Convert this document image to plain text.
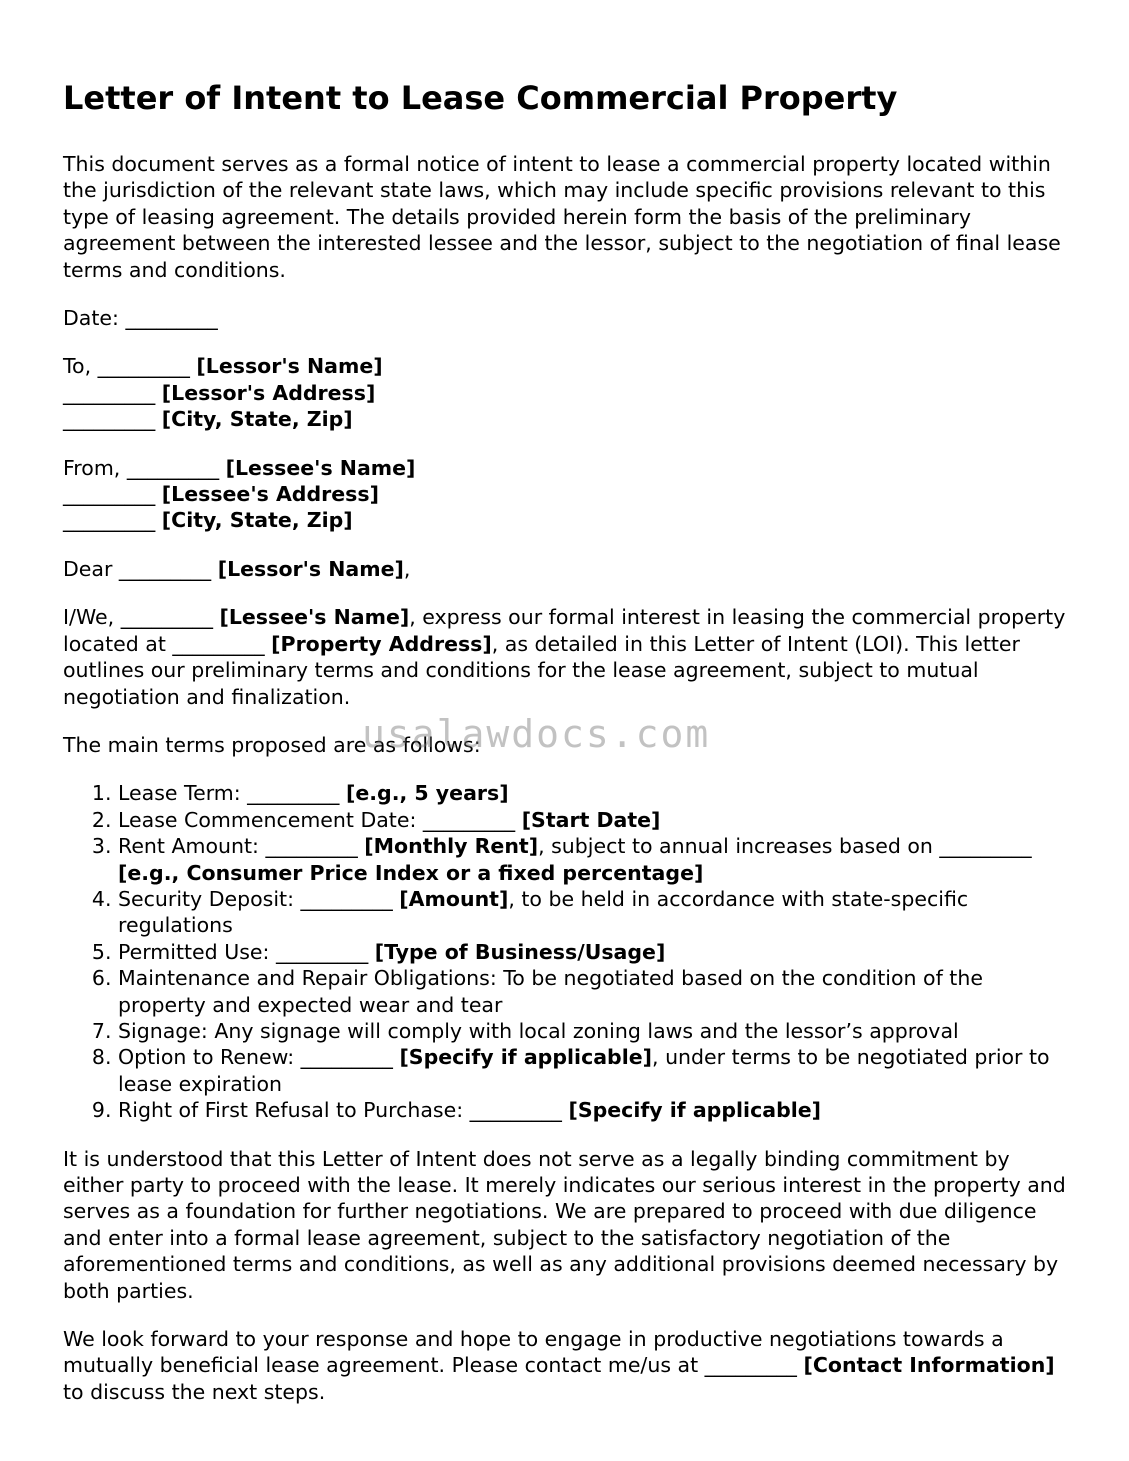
Letter of Intent to Lease Commercial Property

This document serves as a formal notice of intent to lease a commercial property located within the jurisdiction of the relevant state laws, which may include specific provisions relevant to this type of leasing agreement. The details provided herein form the basis of the preliminary agreement between the interested lessee and the lessor, subject to the negotiation of final lease terms and conditions.

Date: _________

To, _________ [Lessor's Name]
_________ [Lessor's Address]
_________ [City, State, Zip]
From, _________ [Lessee's Name]
_________ [Lessee's Address]
_________ [City, State, Zip]

Dear _________ [Lessor's Name],

I/We, _________ [Lessee's Name], express our formal interest in leasing the commercial property located at _________ [Property Address], as detailed in this Letter of Intent (LOI). This letter outlines our preliminary terms and conditions for the lease agreement, subject to mutual negotiation and finalization.

The main terms proposed are as follows:

1. Lease Term: _________ [e.g., 5 years]
2. Lease Commencement Date: _________ [Start Date]
3. Rent Amount: _________ [Monthly Rent], subject to annual increases based on _________ [e.g., Consumer Price Index or a fixed percentage]
4. Security Deposit: _________ [Amount], to be held in accordance with state-specific regulations
5. Permitted Use: _________ [Type of Business/Usage]
6. Maintenance and Repair Obligations: To be negotiated based on the condition of the property and expected wear and tear
7. Signage: Any signage will comply with local zoning laws and the lessor’s approval
8. Option to Renew: _________ [Specify if applicable], under terms to be negotiated prior to lease expiration
9. Right of First Refusal to Purchase: _________ [Specify if applicable]

It is understood that this Letter of Intent does not serve as a legally binding commitment by either party to proceed with the lease. It merely indicates our serious interest in the property and serves as a foundation for further negotiations. We are prepared to proceed with due diligence and enter into a formal lease agreement, subject to the satisfactory negotiation of the aforementioned terms and conditions, as well as any additional provisions deemed necessary by both parties.

We look forward to your response and hope to engage in productive negotiations towards a mutually beneficial lease agreement. Please contact me/us at _________ [Contact Information] to discuss the next steps.

usalawdocs.com
